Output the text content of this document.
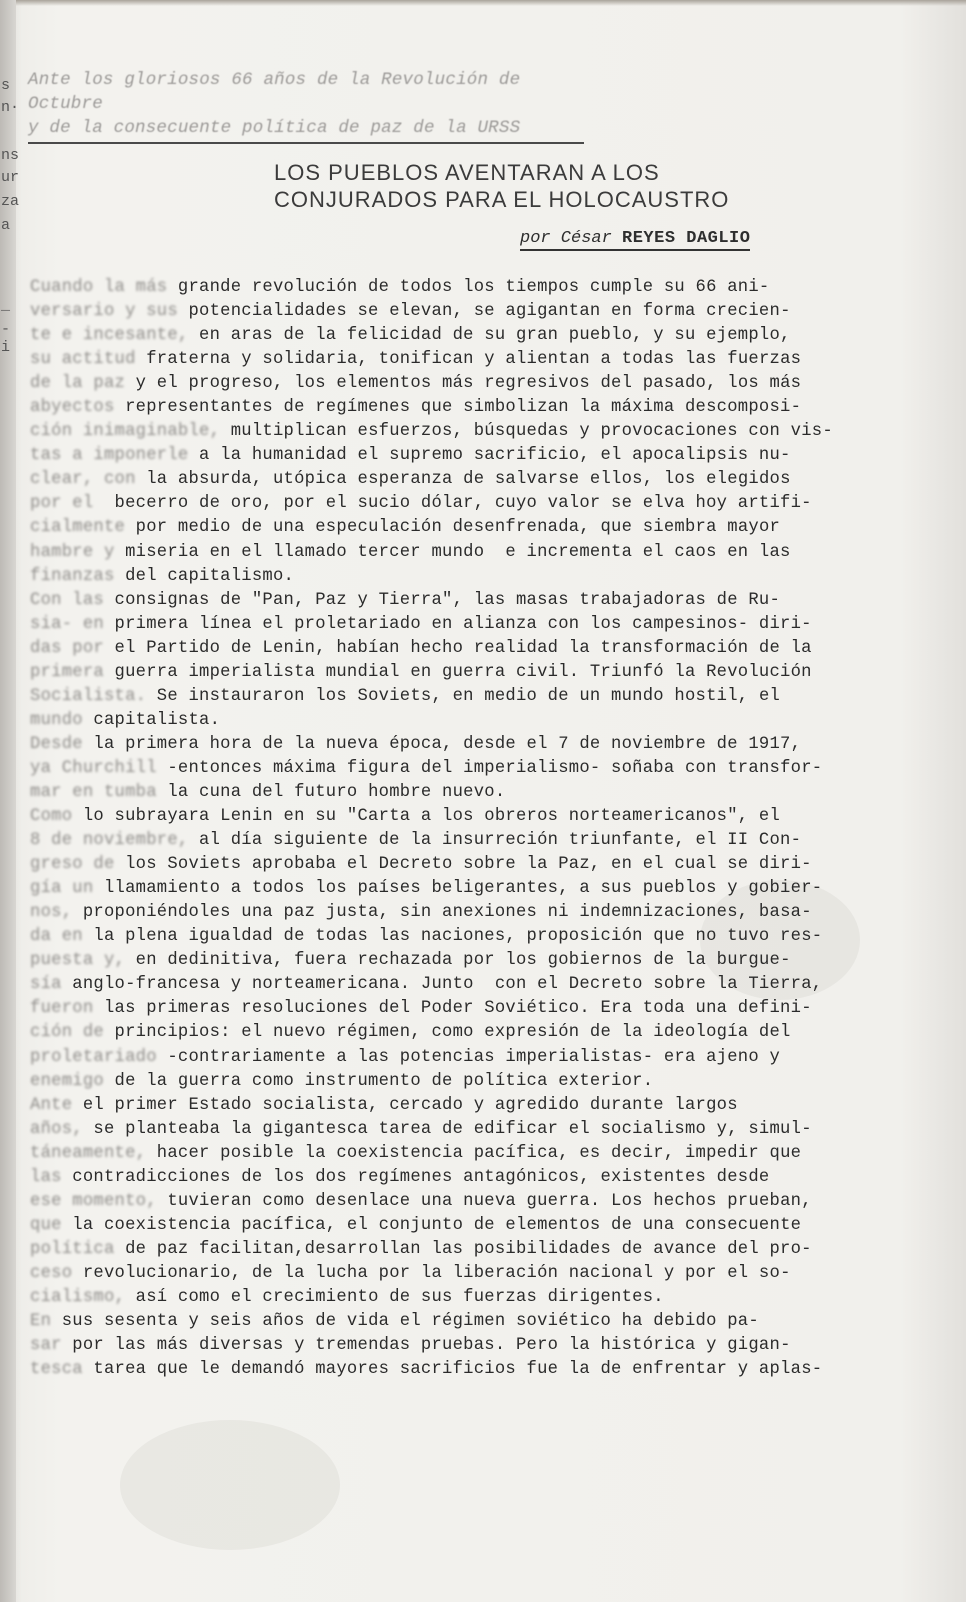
s
n·
ns
ur
za
a
_
-
i
Ante los gloriosos 66 años de la Revolución de Octubre
y de la consecuente política de paz de la URSS
LOS PUEBLOS AVENTARAN A LOS
CONJURADOS PARA EL HOLOCAUSTRO
por César REYES DAGLIO
Cuando la más grande revolución de todos los tiempos cumple su 66 ani-
versario y sus potencialidades se elevan, se agigantan en forma crecien-
te e incesante, en aras de la felicidad de su gran pueblo, y su ejemplo,
su actitud fraterna y solidaria, tonifican y alientan a todas las fuerzas
de la paz y el progreso, los elementos más regresivos del pasado, los más
abyectos representantes de regímenes que simbolizan la máxima descomposi-
ción inimaginable, multiplican esfuerzos, búsquedas y provocaciones con vis-
tas a imponerle a la humanidad el supremo sacrificio, el apocalipsis nu-
clear, con la absurda, utópica esperanza de salvarse ellos, los elegidos
por el  becerro de oro, por el sucio dólar, cuyo valor se elva hoy artifi-
cialmente por medio de una especulación desenfrenada, que siembra mayor
hambre y miseria en el llamado tercer mundo  e incrementa el caos en las
finanzas del capitalismo.
Con las consignas de "Pan, Paz y Tierra", las masas trabajadoras de Ru-
sia- en primera línea el proletariado en alianza con los campesinos- diri-
das por el Partido de Lenin, habían hecho realidad la transformación de la
primera guerra imperialista mundial en guerra civil. Triunfó la Revolución
Socialista. Se instauraron los Soviets, en medio de un mundo hostil, el
mundo capitalista.
Desde la primera hora de la nueva época, desde el 7 de noviembre de 1917,
ya Churchill -entonces máxima figura del imperialismo- soñaba con transfor-
mar en tumba la cuna del futuro hombre nuevo.
Como lo subrayara Lenin en su "Carta a los obreros norteamericanos", el
8 de noviembre, al día siguiente de la insurreción triunfante, el II Con-
greso de los Soviets aprobaba el Decreto sobre la Paz, en el cual se diri-
gía un llamamiento a todos los países beligerantes, a sus pueblos y gobier-
nos, proponiéndoles una paz justa, sin anexiones ni indemnizaciones, basa-
da en la plena igualdad de todas las naciones, proposición que no tuvo res-
puesta y, en dedinitiva, fuera rechazada por los gobiernos de la burgue-
sía anglo-francesa y norteamericana. Junto  con el Decreto sobre la Tierra,
fueron las primeras resoluciones del Poder Soviético. Era toda una defini-
ción de principios: el nuevo régimen, como expresión de la ideología del
proletariado -contrariamente a las potencias imperialistas- era ajeno y
enemigo de la guerra como instrumento de política exterior.
Ante el primer Estado socialista, cercado y agredido durante largos
años, se planteaba la gigantesca tarea de edificar el socialismo y, simul-
táneamente, hacer posible la coexistencia pacífica, es decir, impedir que
las contradicciones de los dos regímenes antagónicos, existentes desde
ese momento, tuvieran como desenlace una nueva guerra. Los hechos prueban,
que la coexistencia pacífica, el conjunto de elementos de una consecuente
política de paz facilitan,desarrollan las posibilidades de avance del pro-
ceso revolucionario, de la lucha por la liberación nacional y por el so-
cialismo, así como el crecimiento de sus fuerzas dirigentes.
En sus sesenta y seis años de vida el régimen soviético ha debido pa-
sar por las más diversas y tremendas pruebas. Pero la histórica y gigan-
tesca tarea que le demandó mayores sacrificios fue la de enfrentar y aplas-
